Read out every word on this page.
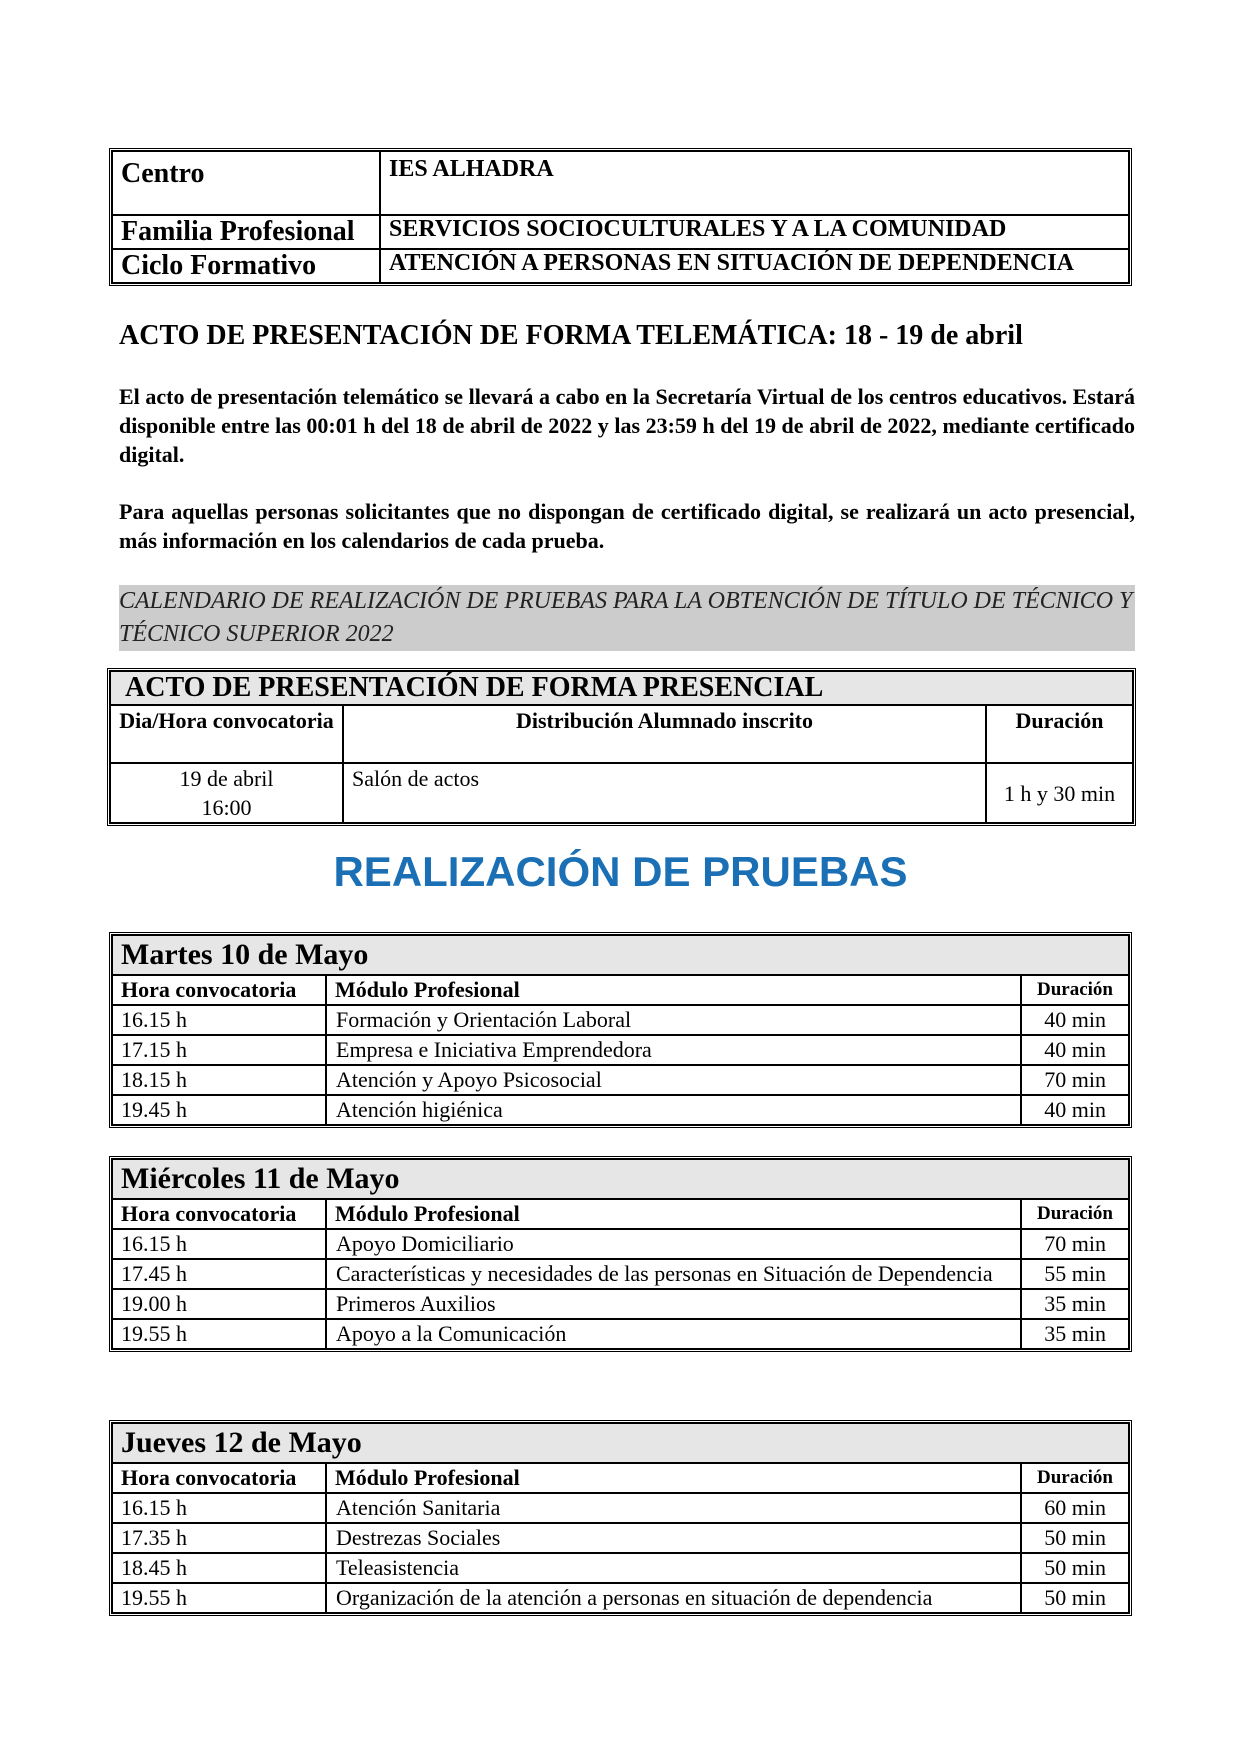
Centro	IES ALHADRA
Familia Profesional	SERVICIOS SOCIOCULTURALES Y A LA COMUNIDAD
Ciclo Formativo	ATENCIÓN A PERSONAS EN SITUACIÓN DE DEPENDENCIA
ACTO DE PRESENTACIÓN DE FORMA TELEMÁTICA: 18 - 19 de abril

El acto de presentación telemático se llevará a cabo en la Secretaría Virtual de los centros educativos. Estará disponible entre las 00:01 h del 18 de abril de 2022 y las 23:59 h del 19 de abril de 2022, mediante certificado digital.

Para aquellas personas solicitantes que no dispongan de certificado digital, se realizará un acto presencial, más información en los calendarios de cada prueba.

CALENDARIO DE REALIZACIÓN DE PRUEBAS PARA LA OBTENCIÓN DE TÍTULO DE TÉCNICO Y TÉCNICO SUPERIOR 2022
ACTO DE PRESENTACIÓN DE FORMA PRESENCIAL		
Dia/Hora convocatoria	Distribución Alumnado inscrito	Duración

19 de abril
16:00	Salón de actos	1 h y 30 min
REALIZACIÓN DE PRUEBAS
Martes 10 de Mayo		
Hora convocatoria	Módulo Profesional	Duración
16.15 h	Formación y Orientación Laboral	40 min
17.15 h	Empresa e Iniciativa Emprendedora	40 min
18.15 h	Atención y Apoyo Psicosocial	70 min
19.45 h	Atención higiénica	40 min
Miércoles 11 de Mayo		
Hora convocatoria	Módulo Profesional	Duración
16.15 h	Apoyo Domiciliario	70 min
17.45 h	Características y necesidades de las personas en Situación de Dependencia	55 min
19.00 h	Primeros Auxilios	35 min
19.55 h	Apoyo a la Comunicación	35 min
Jueves 12 de Mayo		
Hora convocatoria	Módulo Profesional	Duración
16.15 h	Atención Sanitaria	60 min
17.35 h	Destrezas Sociales	50 min
18.45 h	Teleasistencia	50 min
19.55 h	Organización de la atención a personas en situación de dependencia	50 min
